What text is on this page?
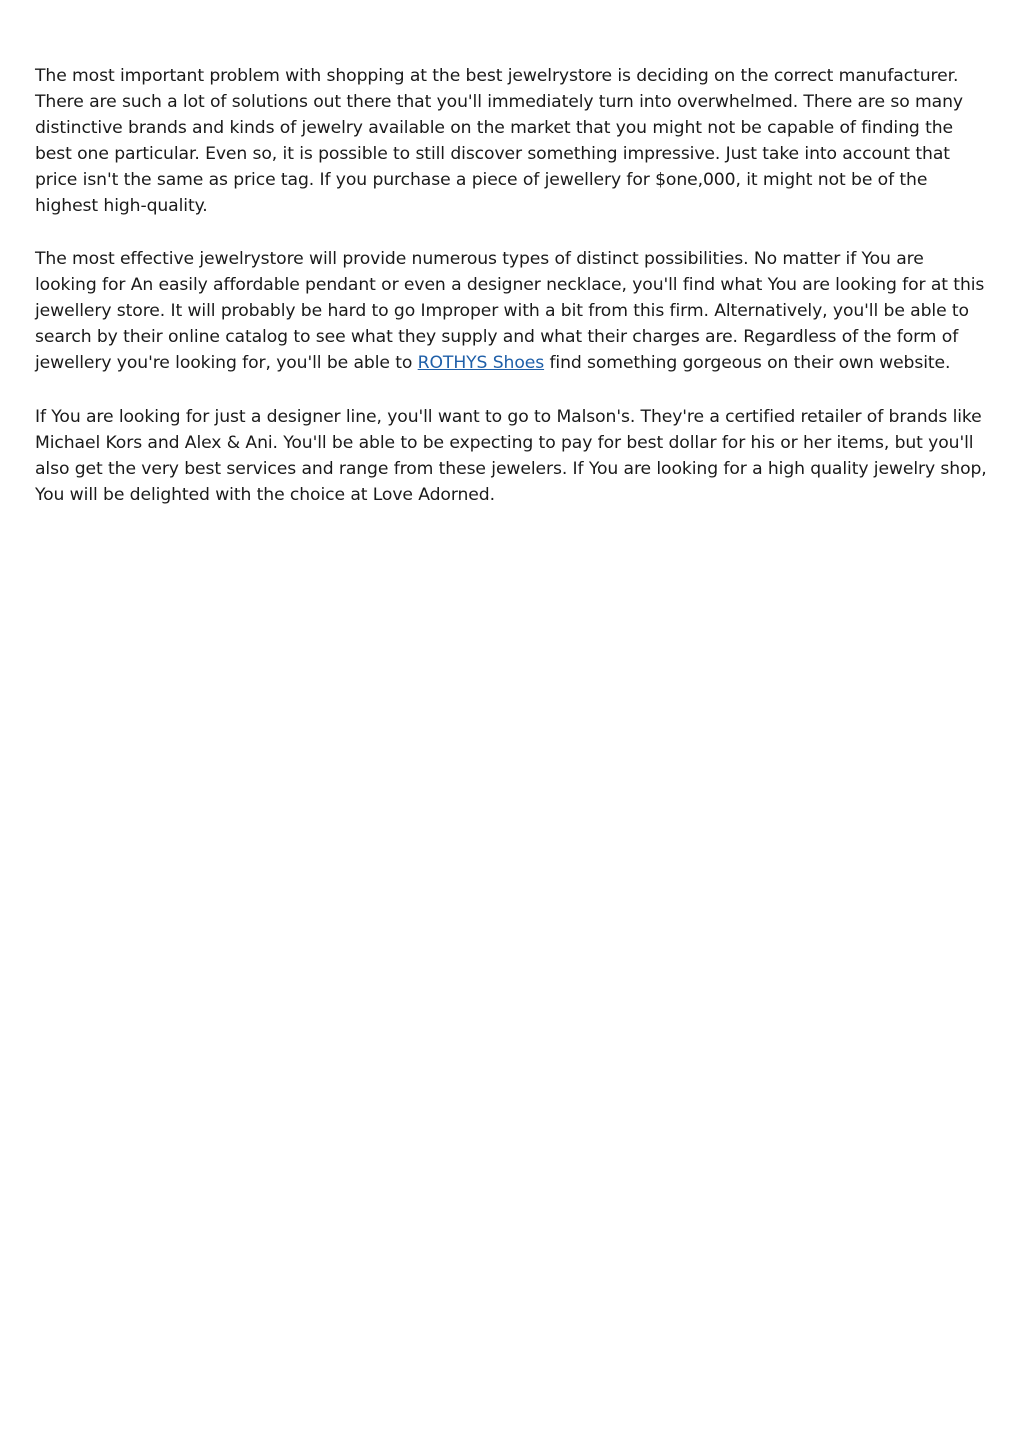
The most important problem with shopping at the best jewelrystore is deciding on the correct manufacturer. There are such a lot of solutions out there that you'll immediately turn into overwhelmed. There are so many distinctive brands and kinds of jewelry available on the market that you might not be capable of finding the best one particular. Even so, it is possible to still discover something impressive. Just take into account that price isn't the same as price tag. If you purchase a piece of jewellery for $one,000, it might not be of the highest high-quality.

The most effective jewelrystore will provide numerous types of distinct possibilities. No matter if You are looking for An easily affordable pendant or even a designer necklace, you'll find what You are looking for at this jewellery store. It will probably be hard to go Improper with a bit from this firm. Alternatively, you'll be able to search by their online catalog to see what they supply and what their charges are. Regardless of the form of jewellery you're looking for, you'll be able to ROTHYS Shoes find something gorgeous on their own website.

If You are looking for just a designer line, you'll want to go to Malson's. They're a certified retailer of brands like Michael Kors and Alex & Ani. You'll be able to be expecting to pay for best dollar for his or her items, but you'll also get the very best services and range from these jewelers. If You are looking for a high quality jewelry shop, You will be delighted with the choice at Love Adorned.
